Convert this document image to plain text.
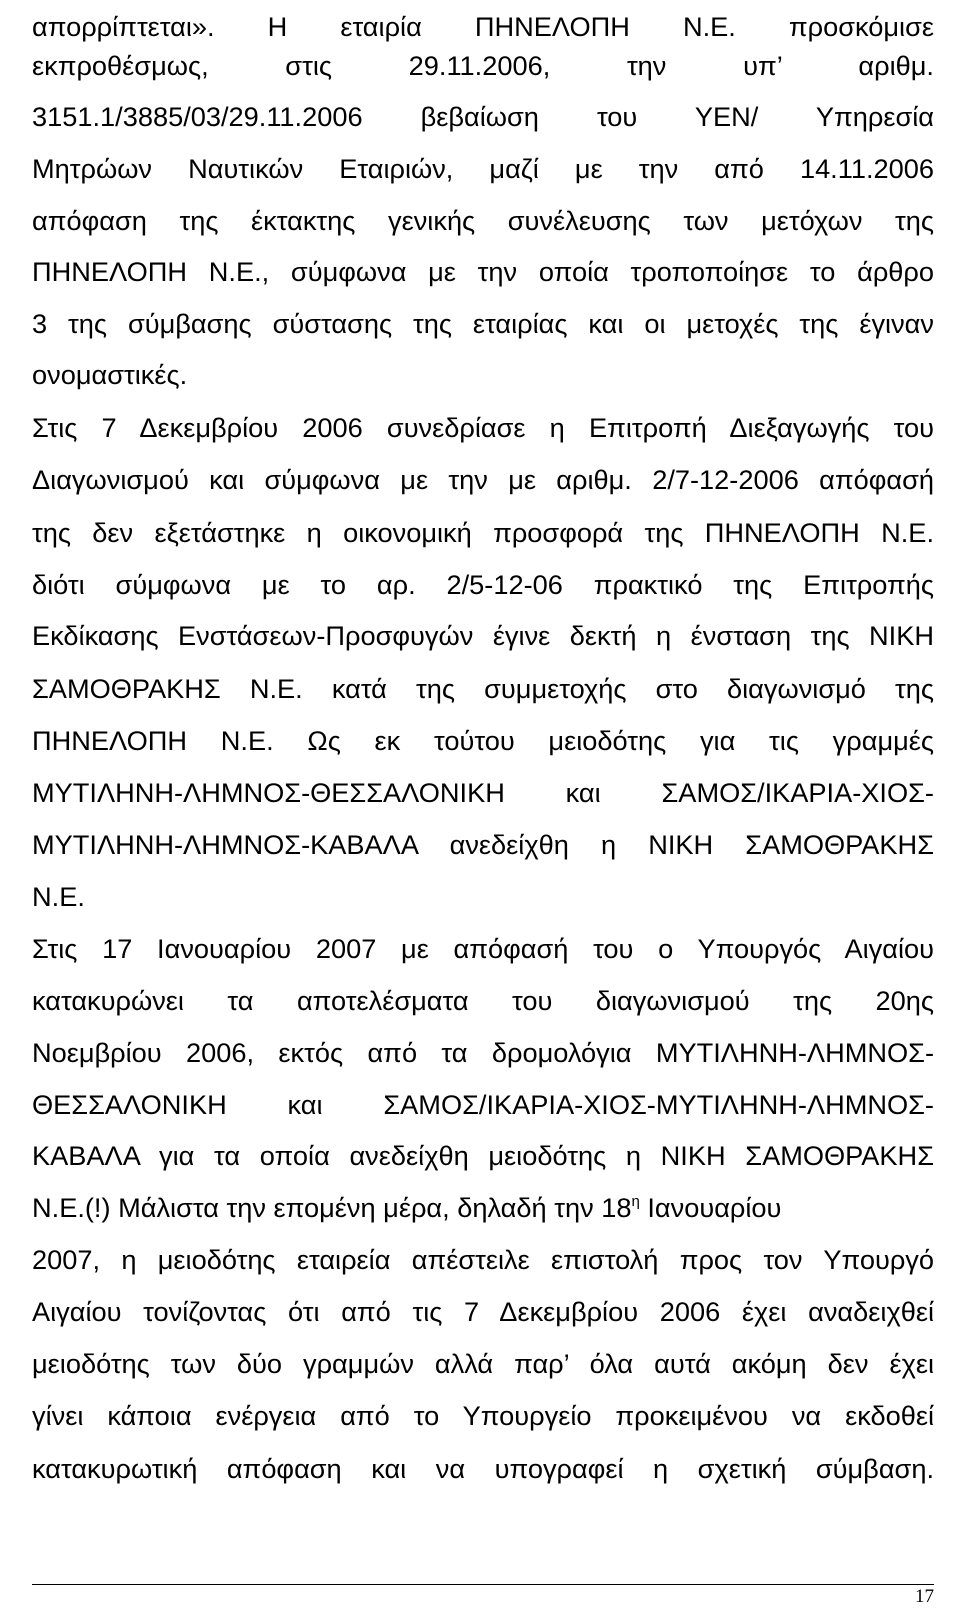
απορρίπτεται». Η εταιρία ΠΗΝΕΛΟΠΗ Ν.Ε. προσκόμισε
εκπροθέσμως, στις 29.11.2006, την υπ’ αριθμ.
3151.1/3885/03/29.11.2006 βεβαίωση του ΥΕΝ/ Υπηρεσία
Μητρώων Ναυτικών Εταιριών, μαζί με την από 14.11.2006
απόφαση της έκτακτης γενικής συνέλευσης των μετόχων της
ΠΗΝΕΛΟΠΗ Ν.Ε., σύμφωνα με την οποία τροποποίησε το άρθρο
3 της σύμβασης σύστασης της εταιρίας και οι μετοχές της έγιναν
ονομαστικές.
Στις 7 Δεκεμβρίου 2006 συνεδρίασε η Επιτροπή Διεξαγωγής του
Διαγωνισμού και σύμφωνα με την με αριθμ. 2/7-12-2006 απόφασή
της δεν εξετάστηκε η οικονομική προσφορά της ΠΗΝΕΛΟΠΗ Ν.Ε.
διότι σύμφωνα με το αρ. 2/5-12-06 πρακτικό της Επιτροπής
Εκδίκασης Ενστάσεων-Προσφυγών έγινε δεκτή η ένσταση της ΝΙΚΗ
ΣΑΜΟΘΡΑΚΗΣ Ν.Ε. κατά της συμμετοχής στο διαγωνισμό της
ΠΗΝΕΛΟΠΗ Ν.Ε. Ως εκ τούτου μειοδότης για τις γραμμές
ΜΥΤΙΛΗΝΗ-ΛΗΜΝΟΣ-ΘΕΣΣΑΛΟΝΙΚΗ και ΣΑΜΟΣ/ΙΚΑΡΙΑ-ΧΙΟΣ-
ΜΥΤΙΛΗΝΗ-ΛΗΜΝΟΣ-ΚΑΒΑΛΑ ανεδείχθη η ΝΙΚΗ ΣΑΜΟΘΡΑΚΗΣ
Ν.Ε.
Στις 17 Ιανουαρίου 2007 με απόφασή του ο Υπουργός Αιγαίου
κατακυρώνει τα αποτελέσματα του διαγωνισμού της 20ης
Νοεμβρίου 2006, εκτός από τα δρομολόγια ΜΥΤΙΛΗΝΗ-ΛΗΜΝΟΣ-
ΘΕΣΣΑΛΟΝΙΚΗ και ΣΑΜΟΣ/ΙΚΑΡΙΑ-ΧΙΟΣ-ΜΥΤΙΛΗΝΗ-ΛΗΜΝΟΣ-
ΚΑΒΑΛΑ για τα οποία ανεδείχθη μειοδότης η ΝΙΚΗ ΣΑΜΟΘΡΑΚΗΣ
Ν.Ε.(!) Μάλιστα την επομένη μέρα, δηλαδή την $18^\eta$ Ιανουαρίου
2007, η μειοδότης εταιρεία απέστειλε επιστολή προς τον Υπουργό
Αιγαίου τονίζοντας ότι από τις 7 Δεκεμβρίου 2006 έχει αναδειχθεί
μειοδότης των δύο γραμμών αλλά παρ’ όλα αυτά ακόμη δεν έχει
γίνει κάποια ενέργεια από το Υπουργείο προκειμένου να εκδοθεί
κατακυρωτική απόφαση και να υπογραφεί η σχετική σύμβαση.
17
